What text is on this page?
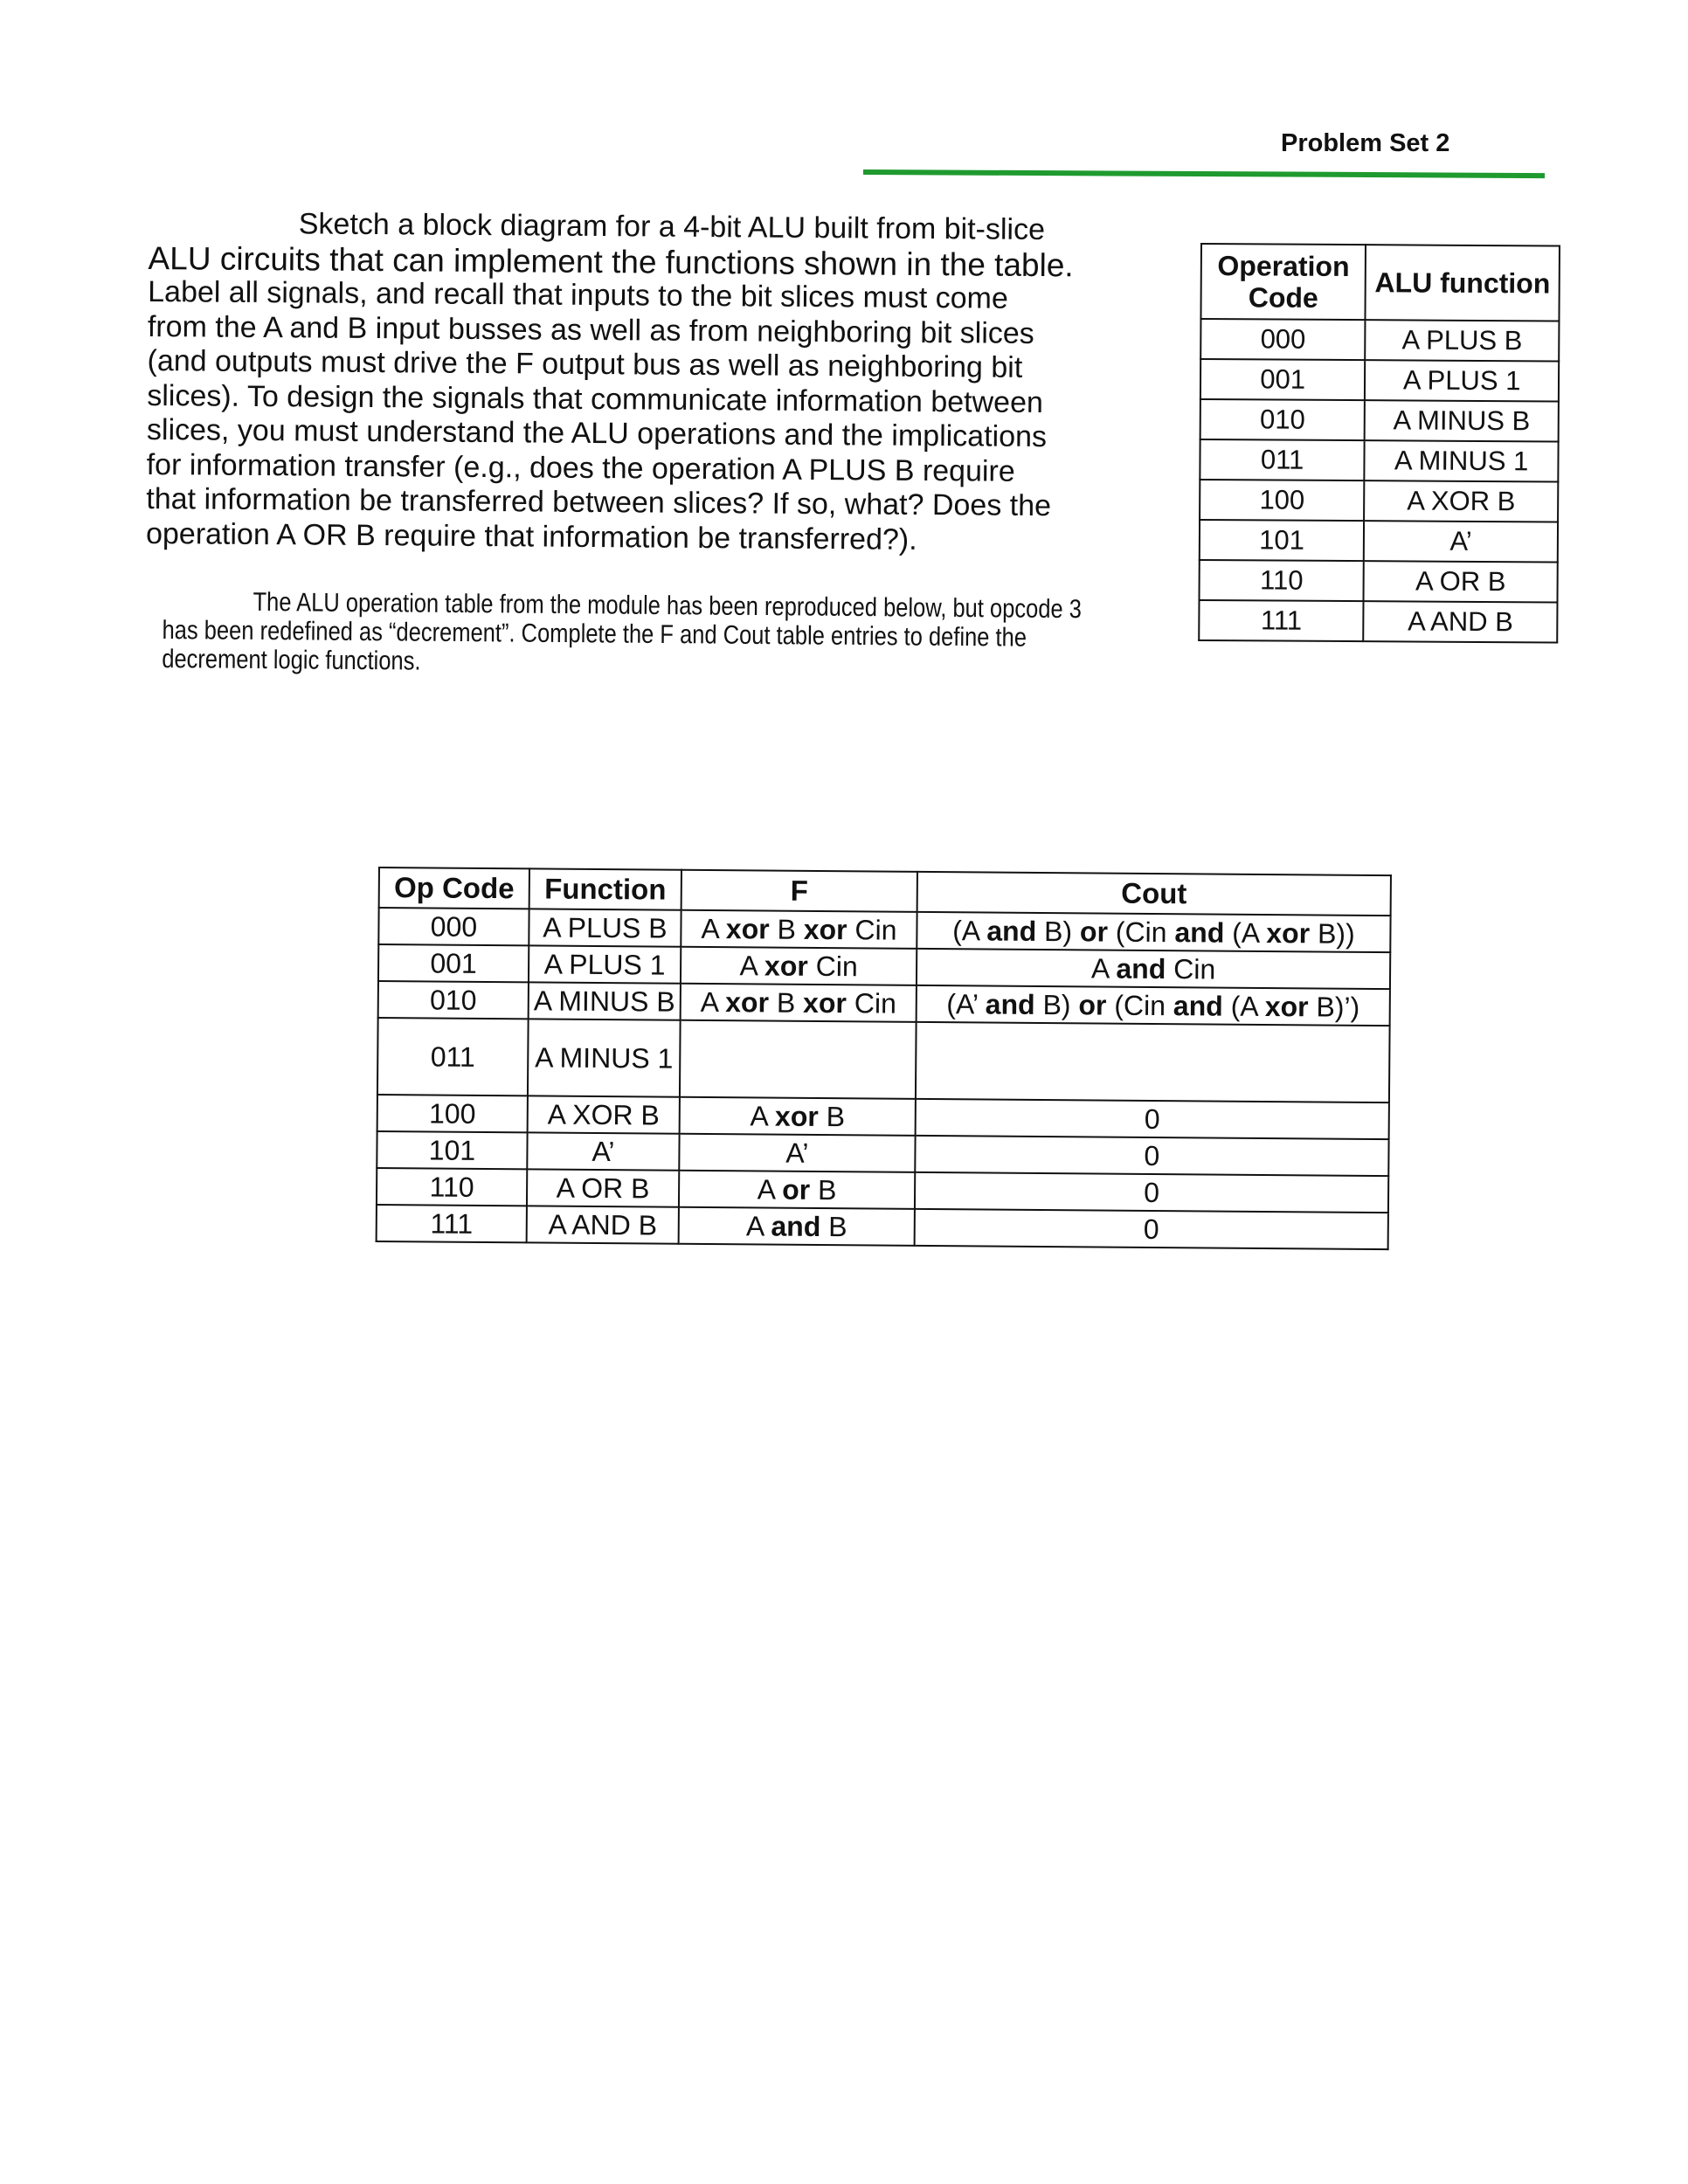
Problem Set 2

Sketch a block diagram for a 4-bit ALU built from bit-slice

ALU circuits that can implement the functions shown in the table.

Label all signals, and recall that inputs to the bit slices must come

from the A and B input busses as well as from neighboring bit slices

(and outputs must drive the F output bus as well as neighboring bit

slices). To design the signals that communicate information between

slices, you must understand the ALU operations and the implications

for information transfer (e.g., does the operation A PLUS B require

that information be transferred between slices? If so, what? Does the

operation A OR B require that information be transferred?).

The ALU operation table from the module has been reproduced below, but opcode 3
has been redefined as “decrement”. Complete the F and Cout table entries to define the
decrement logic functions.
Operation Code	ALU function
000	A PLUS B
001	A PLUS 1
010	A MINUS B
011	A MINUS 1
100	A XOR B
101	A’
110	A OR B
111	A AND B
Op Code	Function	F	Cout
000	A PLUS B	A xor B xor Cin	(A and B) or (Cin and (A xor B))
001	A PLUS 1	A xor Cin	A and Cin
010	A MINUS B	A xor B xor Cin	(A’ and B) or (Cin and (A xor B)’)
011	A MINUS 1		
100	A XOR B	A xor B	0
101	A’	A’	0
110	A OR B	A or B	0
111	A AND B	A and B	0
